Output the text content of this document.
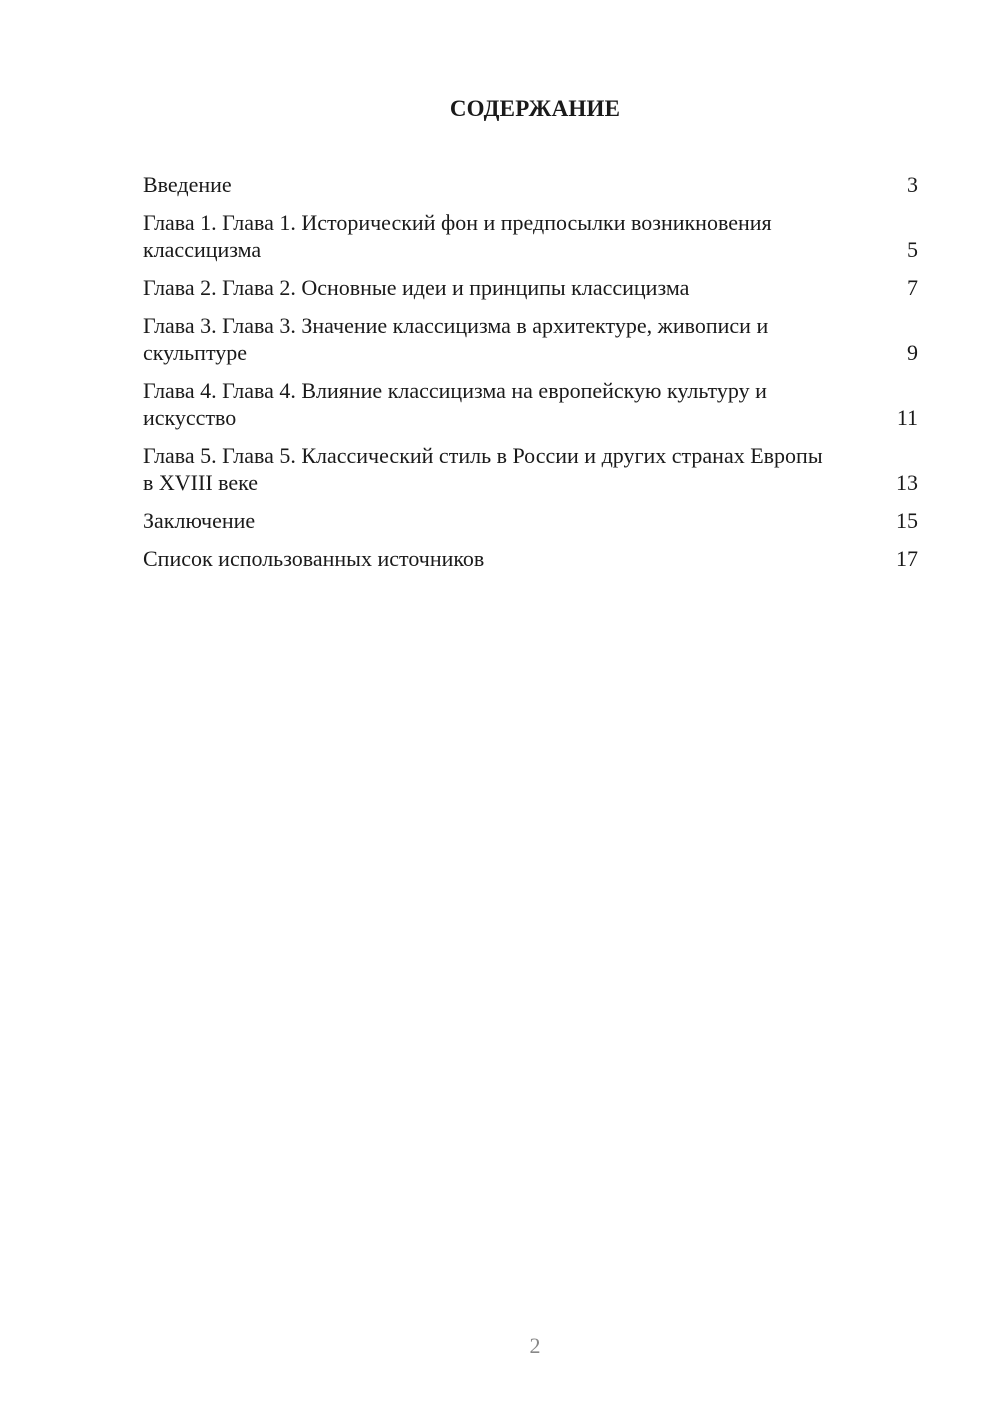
СОДЕРЖАНИЕ
Введение	3
Глава 1. Глава 1. Исторический фон и предпосылки возникновения классицизма	5
Глава 2. Глава 2. Основные идеи и принципы классицизма	7
Глава 3. Глава 3. Значение классицизма в архитектуре, живописи и скульптуре	9
Глава 4. Глава 4. Влияние классицизма на европейскую культуру и искусство	11
Глава 5. Глава 5. Классический стиль в России и других странах Европы в XVIII веке	13
Заключение	15
Список использованных источников	17
2
